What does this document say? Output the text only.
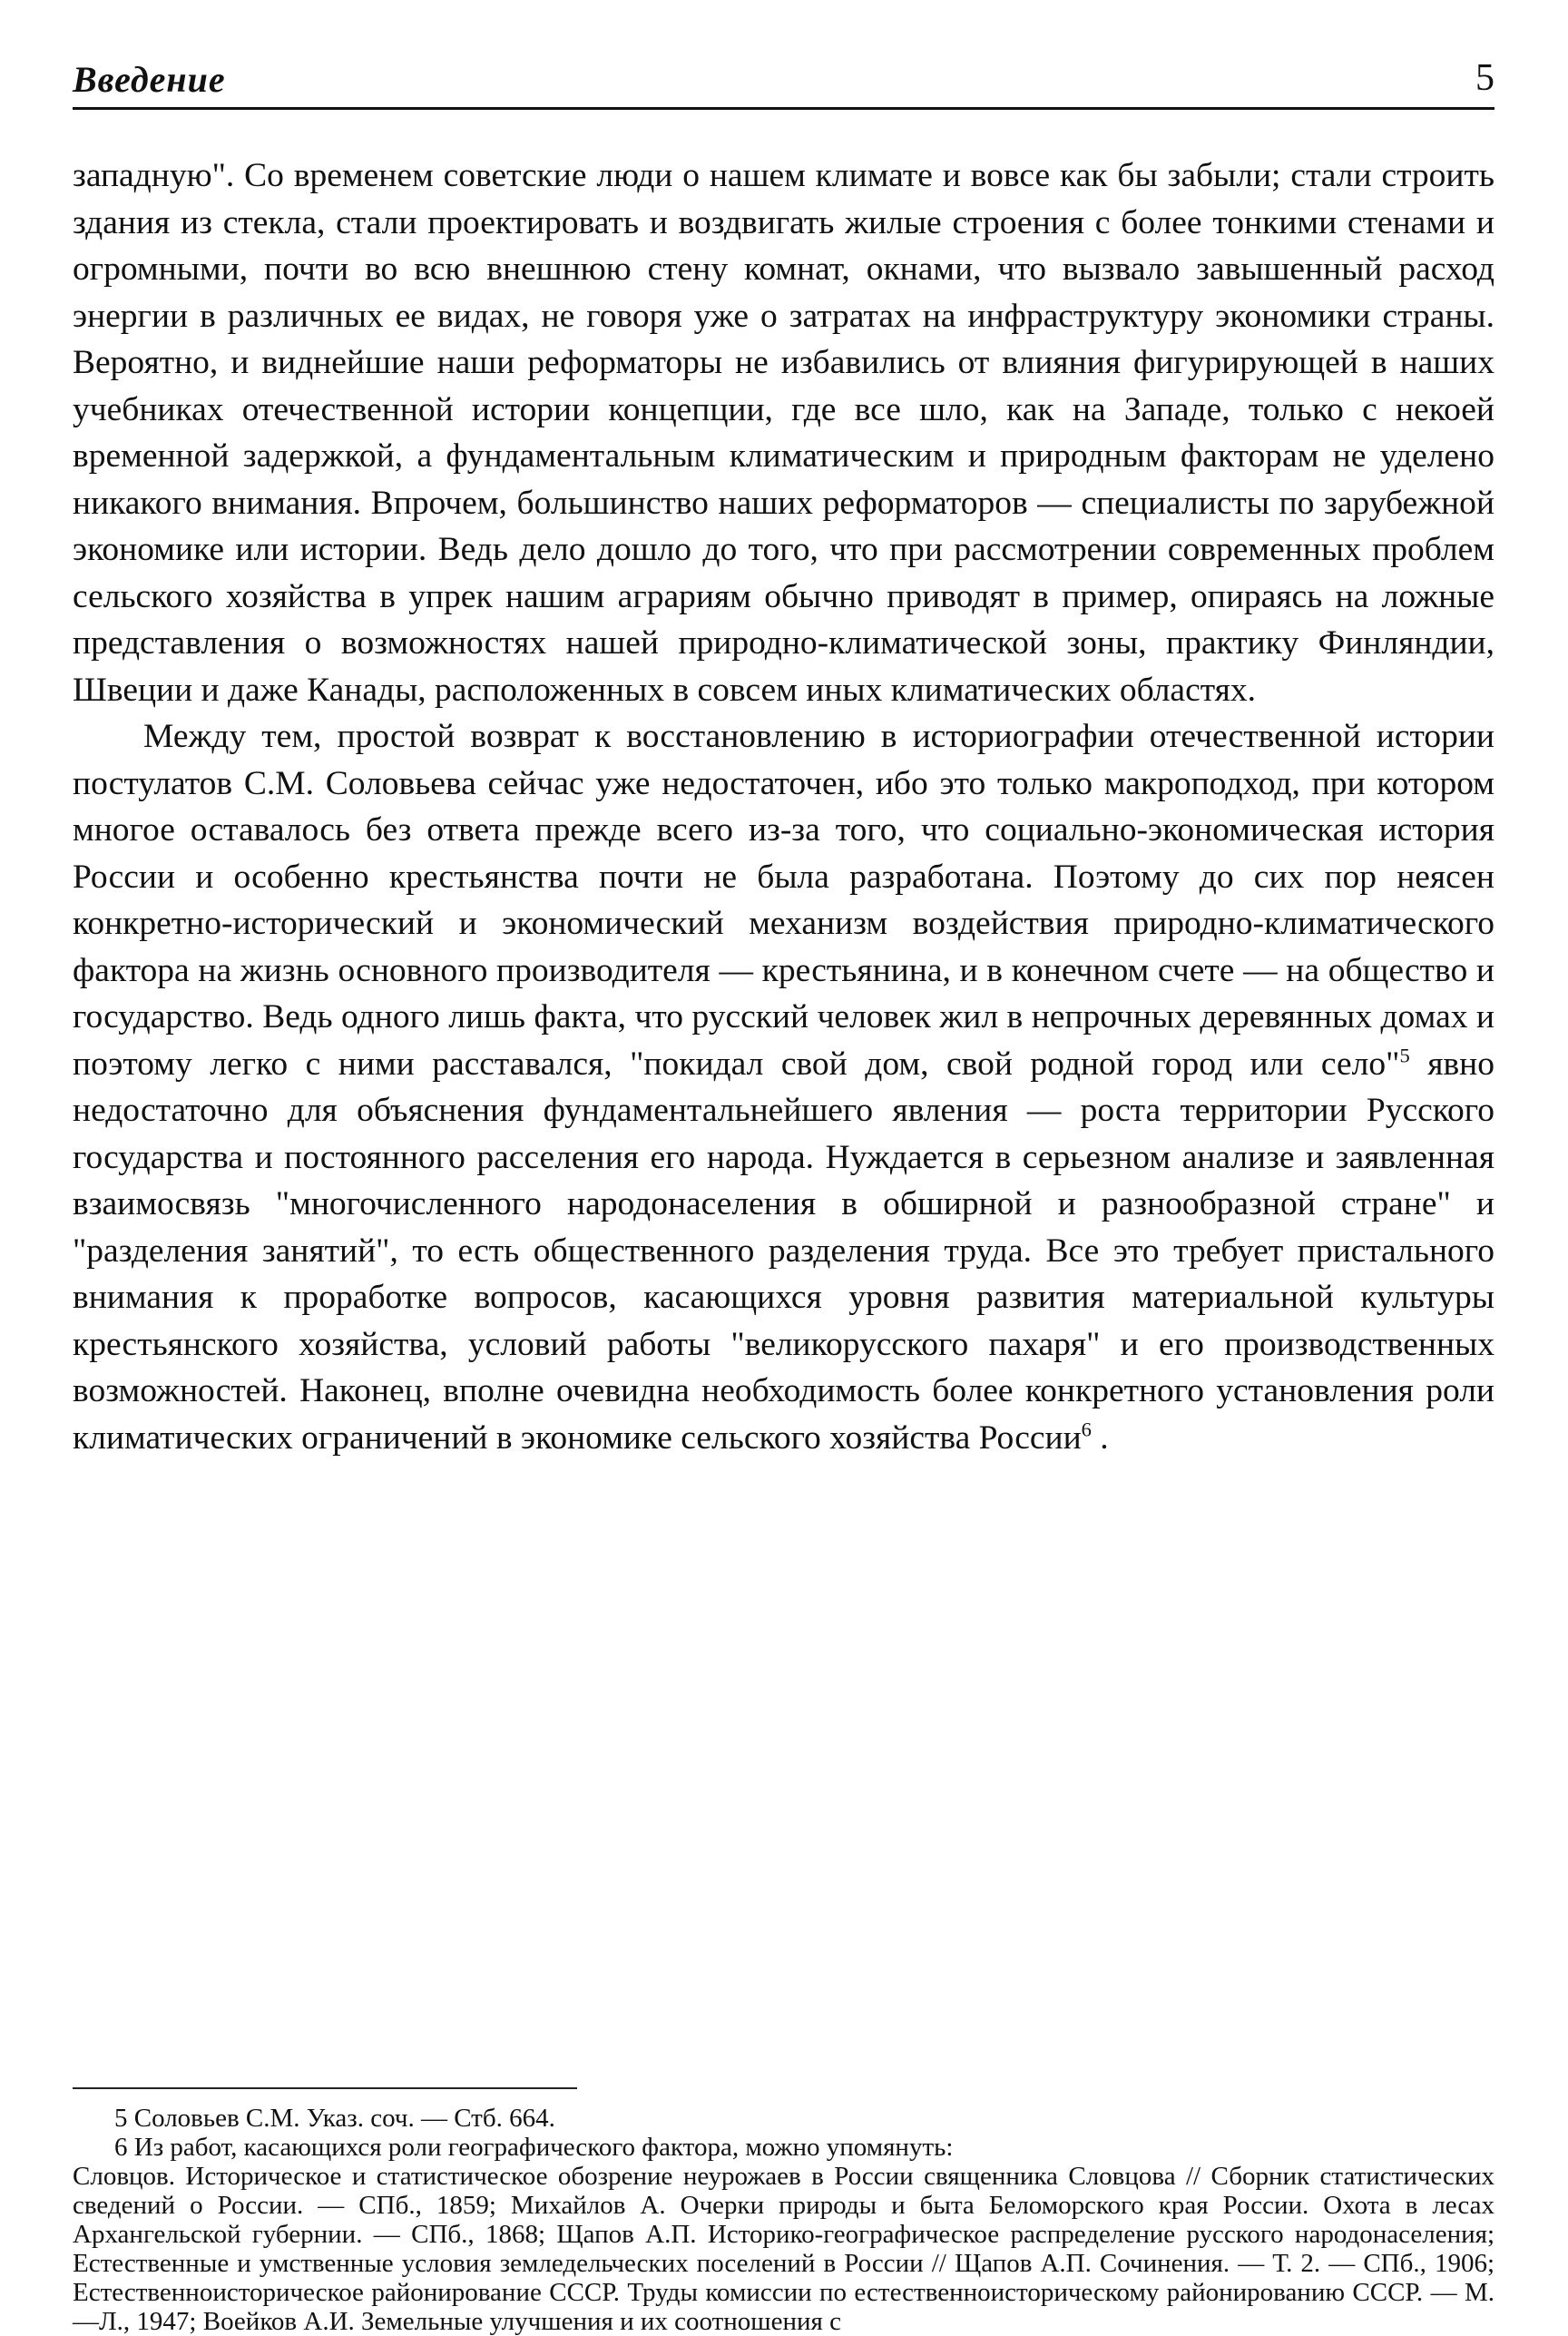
Введение	5

западную". Со временем советские люди о нашем климате и вовсе как бы забыли; стали строить здания из стекла, стали проектировать и воздвигать жилые строения с более тонкими стенами и огромными, почти во всю внешнюю стену комнат, окнами, что вызвало завышенный расход энергии в различных ее видах, не говоря уже о затратах на инфраструктуру экономики страны. Вероятно, и виднейшие наши реформаторы не избавились от влияния фигурирующей в наших учебниках отечественной истории концепции, где все шло, как на Западе, только с некоей временной задержкой, а фундаментальным климатическим и природным факторам не уделено никакого внимания. Впрочем, большинство наших реформаторов — специалисты по зарубежной экономике или истории. Ведь дело дошло до того, что при рассмотрении современных проблем сельского хозяйства в упрек нашим аграриям обычно приводят в пример, опираясь на ложные представления о возможностях нашей природно-климатической зоны, практику Финляндии, Швеции и даже Канады, расположенных в совсем иных климатических областях.

Между тем, простой возврат к восстановлению в историографии отечественной истории постулатов С.М. Соловьева сейчас уже недостаточен, ибо это только макроподход, при котором многое оставалось без ответа прежде всего из-за того, что социально-экономическая история России и особенно крестьянства почти не была разработана. Поэтому до сих пор неясен конкретно-исторический и экономический механизм воздействия природно-климатического фактора на жизнь основного производителя — крестьянина, и в конечном счете — на общество и государство. Ведь одного лишь факта, что русский человек жил в непрочных деревянных домах и поэтому легко с ними расставался, "покидал свой дом, свой родной город или село"$^5$ явно недостаточно для объяснения фундаментальнейшего явления — роста территории Русского государства и постоянного расселения его народа. Нуждается в серьезном анализе и заявленная взаимосвязь "многочисленного народонаселения в обширной и разнообразной стране" и "разделения занятий", то есть общественного разделения труда. Все это требует пристального внимания к проработке вопросов, касающихся уровня развития материальной культуры крестьянского хозяйства, условий работы "великорусского пахаря" и его производственных возможностей. Наконец, вполне очевидна необходимость более конкретного установления роли климатических ограничений в экономике сельского хозяйства России$^6$ .

5 Соловьев С.М. Указ. соч. — Стб. 664.

6 Из работ, касающихся роли географического фактора, можно упомянуть:

Словцов. Историческое и статистическое обозрение неурожаев в России священника Словцова // Сборник статистических сведений о России. — СПб., 1859; Михайлов А. Очерки природы и быта Беломорского края России. Охота в лесах Архангельской губернии. — СПб., 1868; Щапов А.П. Историко-географическое распределение русского народонаселения; Естественные и умственные условия земледельческих поселений в России // Щапов А.П. Сочинения. — Т. 2. — СПб., 1906; Естественноисторическое районирование СССР. Труды комиссии по естественноисторическому районированию СССР. — М.—Л., 1947; Воейков А.И. Земельные улучшения и их соотношения с
